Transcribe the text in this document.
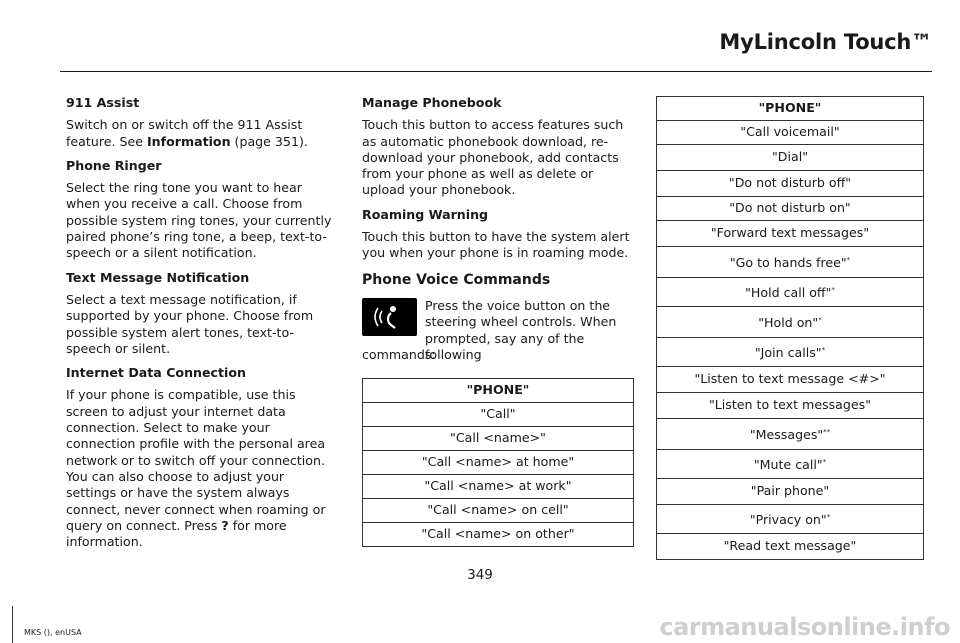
MyLincoln Touch™
911 Assist

Switch on or switch off the 911 Assist feature. See Information (page 351).

Phone Ringer

Select the ring tone you want to hear when you receive a call. Choose from possible system ring tones, your currently paired phone’s ring tone, a beep, text-to-speech or a silent notification.

Text Message Notification

Select a text message notification, if supported by your phone. Choose from possible system alert tones, text-to-speech or silent.

Internet Data Connection

If your phone is compatible, use this screen to adjust your internet data connection. Select to make your connection profile with the personal area network or to switch off your connection. You can also choose to adjust your settings or have the system always connect, never connect when roaming or query on connect. Press ? for more information.

Manage Phonebook

Touch this button to access features such as automatic phonebook download, re-download your phonebook, add contacts from your phone as well as delete or upload your phonebook.

Roaming Warning

Touch this button to have the system alert you when your phone is in roaming mode.

Phone Voice Commands
Press the voice button on the steering wheel controls. When prompted, say any of the following
commands:
"PHONE"
"Call"
"Call <name>"
"Call <name> at home"
"Call <name> at work"
"Call <name> on cell"
"Call <name> on other"
"PHONE"
"Call voicemail"
"Dial"
"Do not disturb off"
"Do not disturb on"
"Forward text messages"
"Go to hands free"*
"Hold call off"*
"Hold on"*
"Join calls"*
"Listen to text message <#>"
"Listen to text messages"
"Messages"**
"Mute call"*
"Pair phone"
"Privacy on"*
"Read text message"
349
MKS (), enUSA	carmanualsonline.info
